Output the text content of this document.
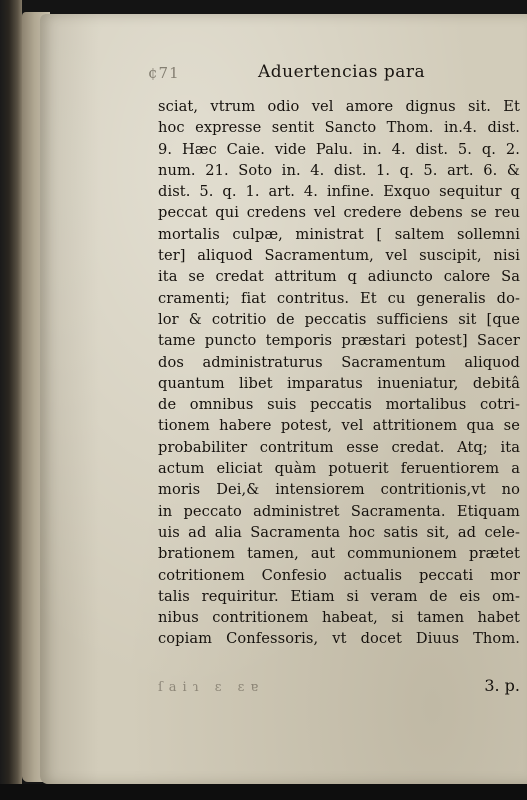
¢71	Aduertencias para
sciat, vtrum odio vel amore dignus sit. Et
hoc expresse sentit Sancto Thom. in.4. dist.
9. Hæc Caie. vide Palu. in. 4. dist. 5. q. 2.
num. 21. Soto in. 4. dist. 1. q. 5. art. 6. &
dist. 5. q. 1. art. 4. infine. Exquo sequitur q
peccat qui credens vel credere debens se reu
mortalis culpæ, ministrat [ saltem sollemni
ter] aliquod Sacramentum, vel suscipit, nisi
ita se credat attritum q adiuncto calore Sa
cramenti; fiat contritus. Et cu generalis do-
lor & cotritio de peccatis sufficiens sit [que
tame puncto temporis præstari potest] Sacer
dos administraturus Sacramentum aliquod
quantum libet imparatus inueniatur, debitâ
de omnibus suis peccatis mortalibus cotri-
tionem habere potest, vel attritionem qua se
probabiliter contritum esse credat. Atq; ita
actum eliciat quàm potuerit feruentiorem a
moris Dei,& intensiorem contritionis,vt no
in peccato administret Sacramenta. Etiquam
uis ad alia Sacramenta hoc satis sit, ad cele-
brationem tamen, aut communionem prætet
cotritionem Confesio actualis peccati mor
talis requiritur. Etiam si veram de eis om-
nibus contritionem habeat, si tamen habet
copiam Confessoris, vt docet Diuus Thom.
ſaiɿ ɛ ɛɐ	3. p.
